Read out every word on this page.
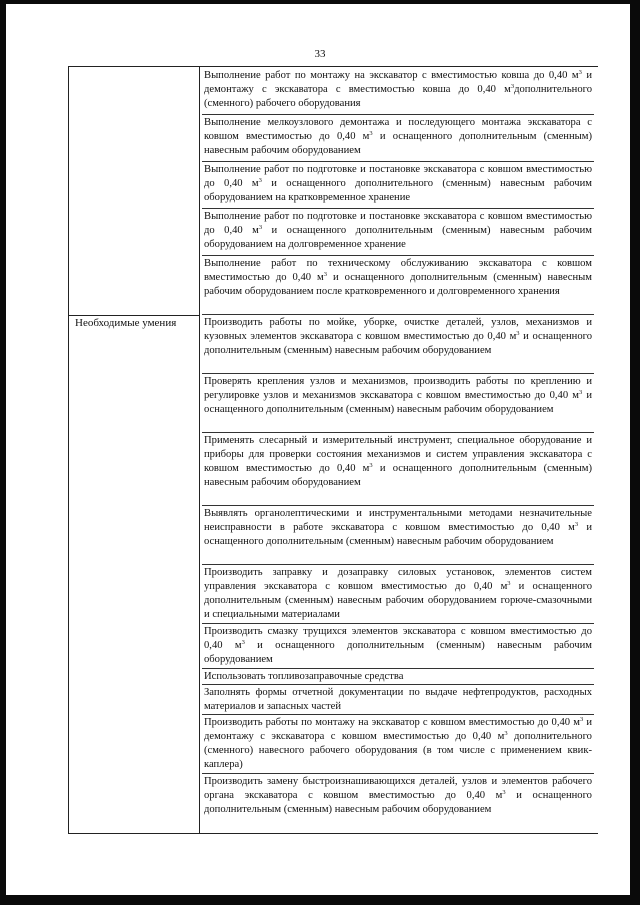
33
Необходимые умения
Выполнение работ по монтажу на экскаватор с вместимостью ковша до 0,40 $м^3$ и демонтажу с экскаватора с вместимостью ковша до 0,40 $м^3дополнительного$ (сменного) рабочего оборудования
Выполнение мелкоузлового демонтажа и последующего монтажа экскаватора с ковшом вместимостью до 0,40 $м^3$ и оснащенного дополнительным (сменным) навесным рабочим оборудованием
Выполнение работ по подготовке и постановке экскаватора с ковшом вместимостью до 0,40 $м^3$ и оснащенного дополнительного (сменным) навесным рабочим оборудованием на кратковременное хранение
Выполнение работ по подготовке и постановке экскаватора с ковшом вместимостью до 0,40 $м^3$ и оснащенного дополнительным (сменным) навесным рабочим оборудованием на долговременное хранение
Выполнение работ по техническому обслуживанию экскаватора с ковшом вместимостью до 0,40 $м^3$ и оснащенного дополнительным (сменным) навесным рабочим оборудованием после кратковременного и долговременного хранения
Производить работы по мойке, уборке, очистке деталей, узлов, механизмов и кузовных элементов экскаватора с ковшом вместимостью до 0,40 $м^3$ и оснащенного дополнительным (сменным) навесным рабочим оборудованием
Проверять крепления узлов и механизмов, производить работы по креплению и регулировке узлов и механизмов экскаватора с ковшом вместимостью до 0,40 $м^3$ и оснащенного дополнительным (сменным) навесным рабочим оборудованием
Применять слесарный и измерительный инструмент, специальное оборудование и приборы для проверки состояния механизмов и систем управления экскаватора с ковшом вместимостью до 0,40 $м^3$ и оснащенного дополнительным (сменным) навесным рабочим оборудованием
Выявлять органолептическими и инструментальными методами незначительные неисправности в работе экскаватора с ковшом вместимостью до 0,40 $м^3$ и оснащенного дополнительным (сменным) навесным рабочим оборудованием
Производить заправку и дозаправку силовых установок, элементов систем управления экскаватора с ковшом вместимостью до 0,40 $м^3$ и оснащенного дополнительным (сменным) навесным рабочим оборудованием горюче-смазочными и специальными материалами
Производить смазку трущихся элементов экскаватора с ковшом вместимостью до 0,40 $м^3$ и оснащенного дополнительным (сменным) навесным рабочим оборудованием
Использовать топливозаправочные средства
Заполнять формы отчетной документации по выдаче нефтепродуктов, расходных материалов и запасных частей
Производить работы по монтажу на экскаватор с ковшом вместимостью до 0,40 $м^3$ и демонтажу с экскаватора с ковшом вместимостью до 0,40 $м^3$ дополнительного (сменного) навесного рабочего оборудования (в том числе с применением квик-каплера)
Производить замену быстроизнашивающихся деталей, узлов и элементов рабочего органа экскаватора с ковшом вместимостью до 0,40 $м^3$ и оснащенного дополнительным (сменным) навесным рабочим оборудованием
